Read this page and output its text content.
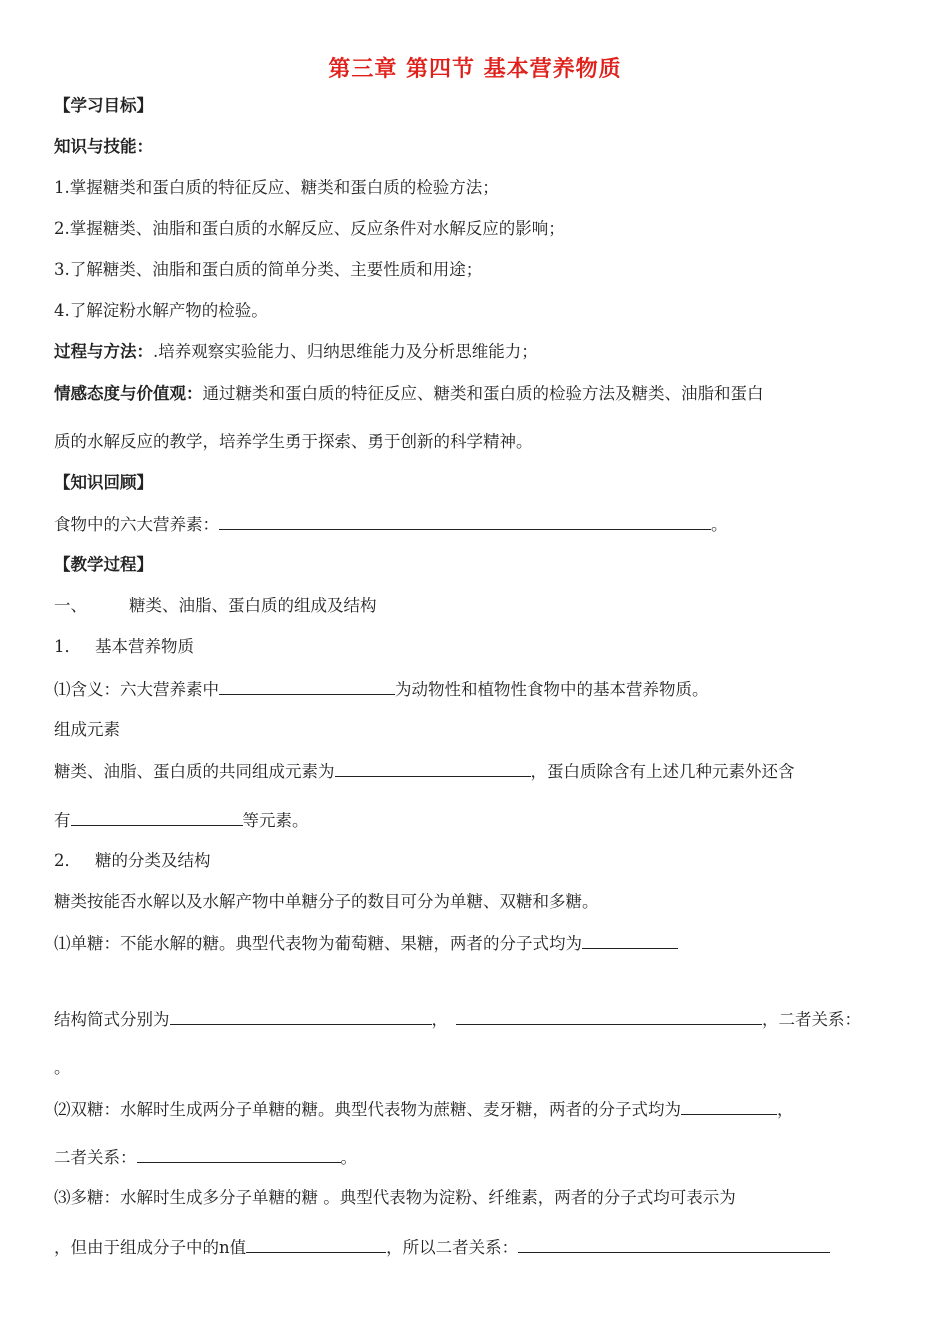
第三章 第四节 基本营养物质
【学习目标】
知识与技能：
1.掌握糖类和蛋白质的特征反应、糖类和蛋白质的检验方法；
2.掌握糖类、油脂和蛋白质的水解反应、反应条件对水解反应的影响；
3.了解糖类、油脂和蛋白质的简单分类、主要性质和用途；
4.了解淀粉水解产物的检验。
过程与方法：.培养观察实验能力、归纳思维能力及分析思维能力；
情感态度与价值观：通过糖类和蛋白质的特征反应、糖类和蛋白质的检验方法及糖类、油脂和蛋白
质的水解反应的教学，培养学生勇于探索、勇于创新的科学精神。
【知识回顾】
食物中的六大营养素：	。
【教学过程】
一、	糖类、油脂、蛋白质的组成及结构
1． 基本营养物质
⑴含义：六大营养素中	为动物性和植物性食物中的基本营养物质。
组成元素
糖类、油脂、蛋白质的共同组成元素为	，蛋白质除含有上述几种元素外还含
有	等元素。
2． 糖的分类及结构
糖类按能否水解以及水解产物中单糖分子的数目可分为单糖、双糖和多糖。
⑴单糖：不能水解的糖。典型代表物为葡萄糖、果糖，两者的分子式均为
结构简式分别为	，	，二者关系：
。
⑵双糖：水解时生成两分子单糖的糖。典型代表物为蔗糖、麦牙糖，两者的分子式均为	，
二者关系：	。
⑶多糖：水解时生成多分子单糖的糖 。典型代表物为淀粉、纤维素，两者的分子式均可表示为
，但由于组成分子中的n值	，所以二者关系：
